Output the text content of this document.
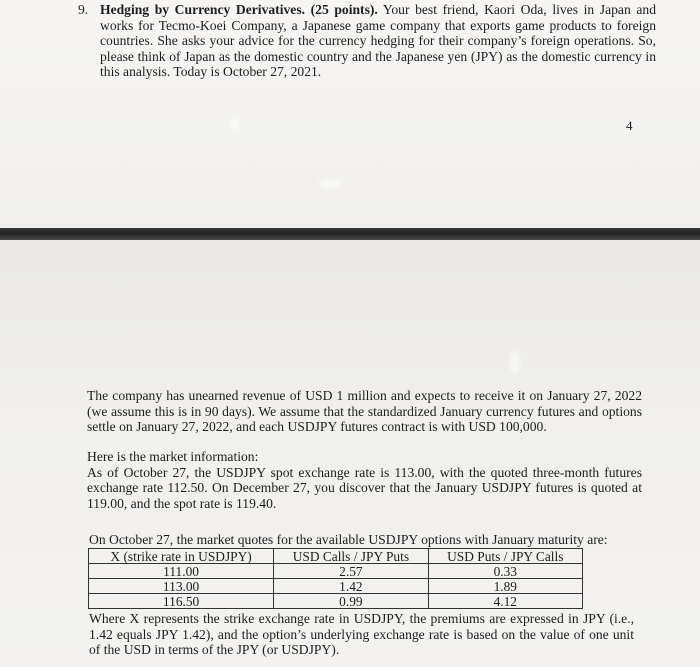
9. Hedging by Currency Derivatives. (25 points). Your best friend, Kaori Oda, lives in Japan and works for Tecmo-Koei Company, a Japanese game company that exports game products to foreign countries. She asks your advice for the currency hedging for their company’s foreign operations. So, please think of Japan as the domestic country and the Japanese yen (JPY) as the domestic currency in this analysis. Today is October 27, 2021.

4

The company has unearned revenue of USD 1 million and expects to receive it on January 27, 2022 (we assume this is in 90 days). We assume that the standardized January currency futures and options settle on January 27, 2022, and each USDJPY futures contract is with USD 100,000.

Here is the market information:
As of October 27, the USDJPY spot exchange rate is 113.00, with the quoted three-month futures exchange rate 112.50. On December 27, you discover that the January USDJPY futures is quoted at 119.00, and the spot rate is 119.40.

On October 27, the market quotes for the available USDJPY options with January maturity are:

X (strike rate in USDJPY)	USD Calls / JPY Puts	USD Puts / JPY Calls
111.00	2.57	0.33
113.00	1.42	1.89
116.50	0.99	4.12

Where X represents the strike exchange rate in USDJPY, the premiums are expressed in JPY (i.e., 1.42 equals JPY 1.42), and the option’s underlying exchange rate is based on the value of one unit of the USD in terms of the JPY (or USDJPY).
